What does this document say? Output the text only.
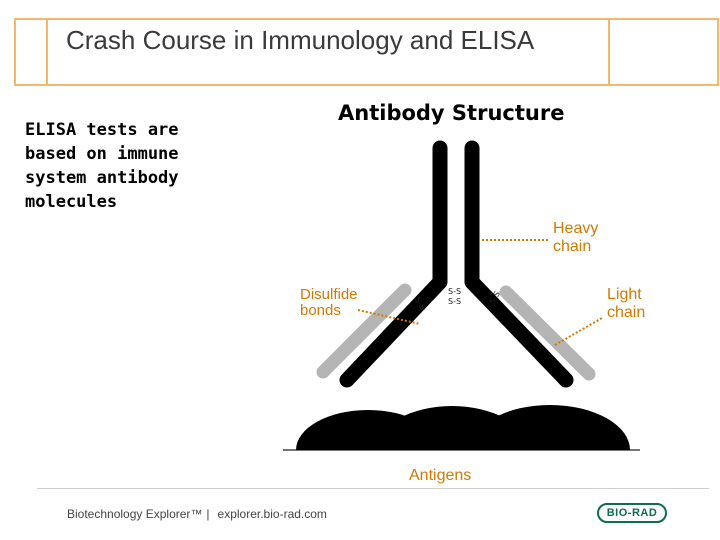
Crash Course in Immunology and ELISA
ELISA tests are based on immune system antibody molecules
Antibody Structure
S-S
S-S
S-S	S-S
Heavy chain
Light chain
Disulfide bonds
Antigens
Biotechnology Explorer™ | explorer.bio-rad.com	BIO-RAD
